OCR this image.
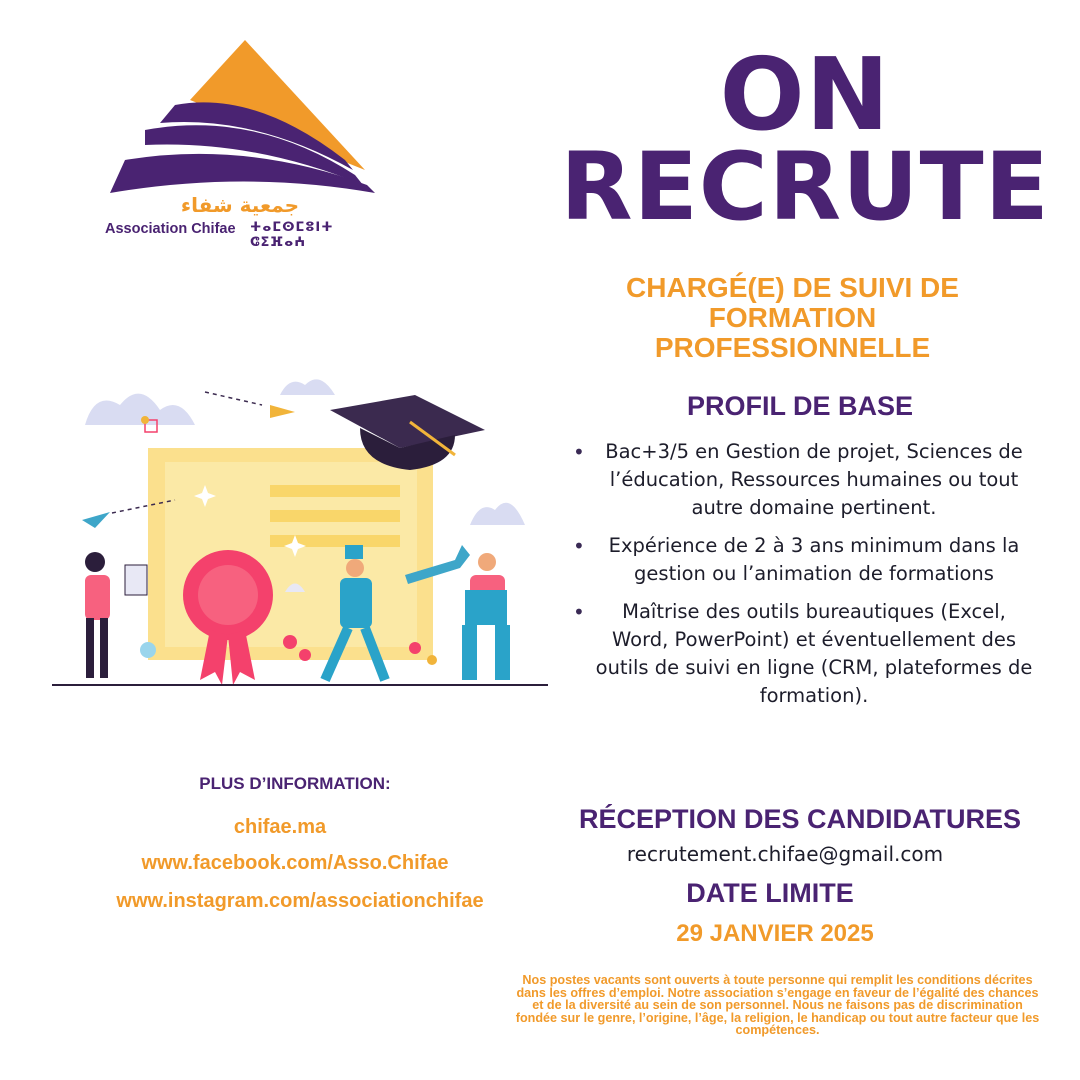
جمعية شفاء
Association Chifae ⵜⴰⵎⵙⵎⵓⵏⵜ ⵛⵉⴼⴰⵄ
ON
RECRUTE
CHARGÉ(E) DE SUIVI DE FORMATION PROFESSIONNELLE
PROFIL DE BASE
• Bac+3/5 en Gestion de projet, Sciences de l’éducation, Ressources humaines ou tout autre domaine pertinent.
• Expérience de 2 à 3 ans minimum dans la gestion ou l’animation de formations
• Maîtrise des outils bureautiques (Excel, Word, PowerPoint) et éventuellement des outils de suivi en ligne (CRM, plateformes de formation).
RÉCEPTION DES CANDIDATURES
recrutement.chifae@gmail.com
DATE LIMITE
29 JANVIER 2025
Nos postes vacants sont ouverts à toute personne qui remplit les conditions décrites dans les offres d’emploi. Notre association s’engage en faveur de l’égalité des chances et de la diversité au sein de son personnel. Nous ne faisons pas de discrimination fondée sur le genre, l’origine, l’âge, la religion, le handicap ou tout autre facteur que les compétences.
PLUS D’INFORMATION:
chifae.ma
www.facebook.com/Asso.Chifae
www.instagram.com/associationchifae
